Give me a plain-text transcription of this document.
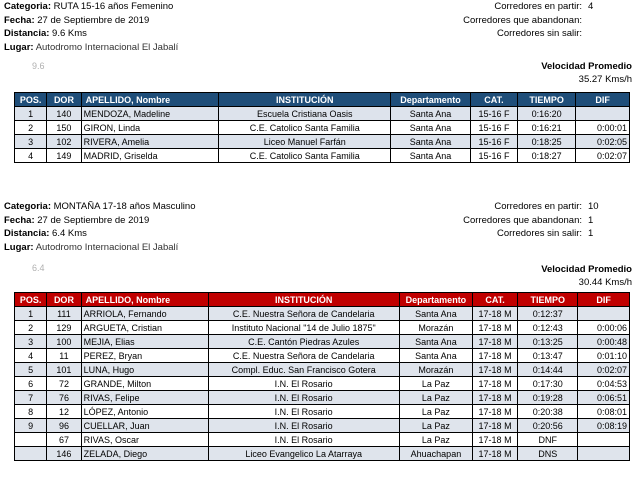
Categoria: RUTA 15-16 años Femenino
Fecha: 27 de Septiembre de 2019
Distancia: 9.6 Kms
Lugar: Autodromo Internacional El Jabalí
9.6
Corredores en partir: 4
Corredores que abandonan:
Corredores sin salir:
Velocidad Promedio
35.27 Kms/h
POS.	DOR	APELLIDO, Nombre	INSTITUCIÓN	Departamento	CAT.	TIEMPO	DIF
1	140	MENDOZA, Madeline	Escuela Cristiana Oasis	Santa Ana	15-16 F	0:16:20	
2	150	GIRON, Linda	C.E. Catolico Santa Familia	Santa Ana	15-16 F	0:16:21	0:00:01
3	102	RIVERA, Amelia	Liceo Manuel Farfán	Santa Ana	15-16 F	0:18:25	0:02:05
4	149	MADRID, Griselda	C.E. Catolico Santa Familia	Santa Ana	15-16 F	0:18:27	0:02:07
Categoria: MONTAÑA 17-18 años Masculino
Fecha: 27 de Septiembre de 2019
Distancia: 6.4 Kms
Lugar: Autodromo Internacional El Jabalí
6.4
Corredores en partir: 10
Corredores que abandonan: 1
Corredores sin salir: 1
Velocidad Promedio
30.44 Kms/h
POS.	DOR	APELLIDO, Nombre	INSTITUCIÓN	Departamento	CAT.	TIEMPO	DIF
1	111	ARRIOLA, Fernando	C.E. Nuestra Señora de Candelaria	Santa Ana	17-18 M	0:12:37	
2	129	ARGUETA, Cristian	Instituto Nacional "14 de Julio 1875"	Morazán	17-18 M	0:12:43	0:00:06
3	100	MEJIA, Elias	C.E. Cantón Piedras Azules	Santa Ana	17-18 M	0:13:25	0:00:48
4	11	PEREZ, Bryan	C.E. Nuestra Señora de Candelaria	Santa Ana	17-18 M	0:13:47	0:01:10
5	101	LUNA, Hugo	Compl. Educ. San Francisco Gotera	Morazán	17-18 M	0:14:44	0:02:07
6	72	GRANDE, Milton	I.N. El Rosario	La Paz	17-18 M	0:17:30	0:04:53
7	76	RIVAS, Felipe	I.N. El Rosario	La Paz	17-18 M	0:19:28	0:06:51
8	12	LÓPEZ, Antonio	I.N. El Rosario	La Paz	17-18 M	0:20:38	0:08:01
9	96	CUELLAR, Juan	I.N. El Rosario	La Paz	17-18 M	0:20:56	0:08:19
	67	RIVAS, Oscar	I.N. El Rosario	La Paz	17-18 M	DNF	
	146	ZELADA, Diego	Liceo Evangelico La Atarraya	Ahuachapan	17-18 M	DNS	
